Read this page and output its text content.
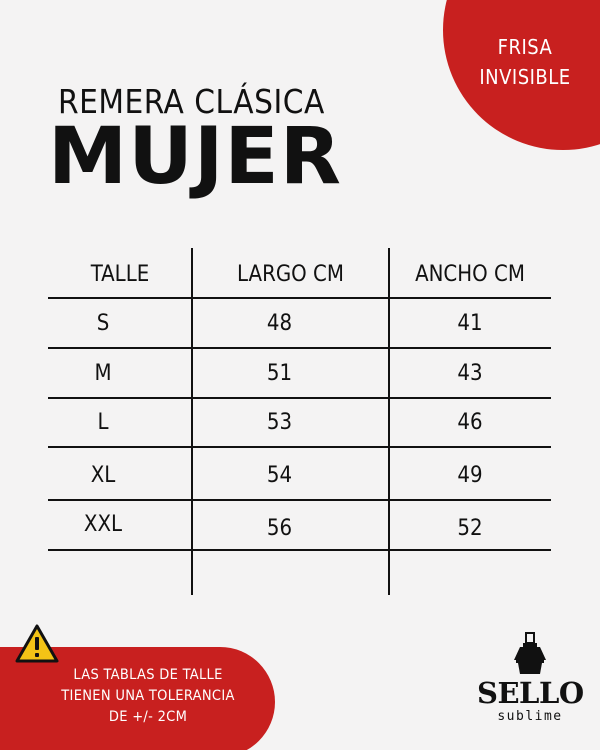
FRISA
INVISIBLE
REMERA CLÁSICA
MUJER
TALLE	LARGO CM	ANCHO CM
S	48	41
M	51	43
L	53	46
XL	54	49
XXL	56	52
LAS TABLAS DE TALLE
TIENEN UNA TOLERANCIA
DE +/- 2CM
SELLO
sublime
